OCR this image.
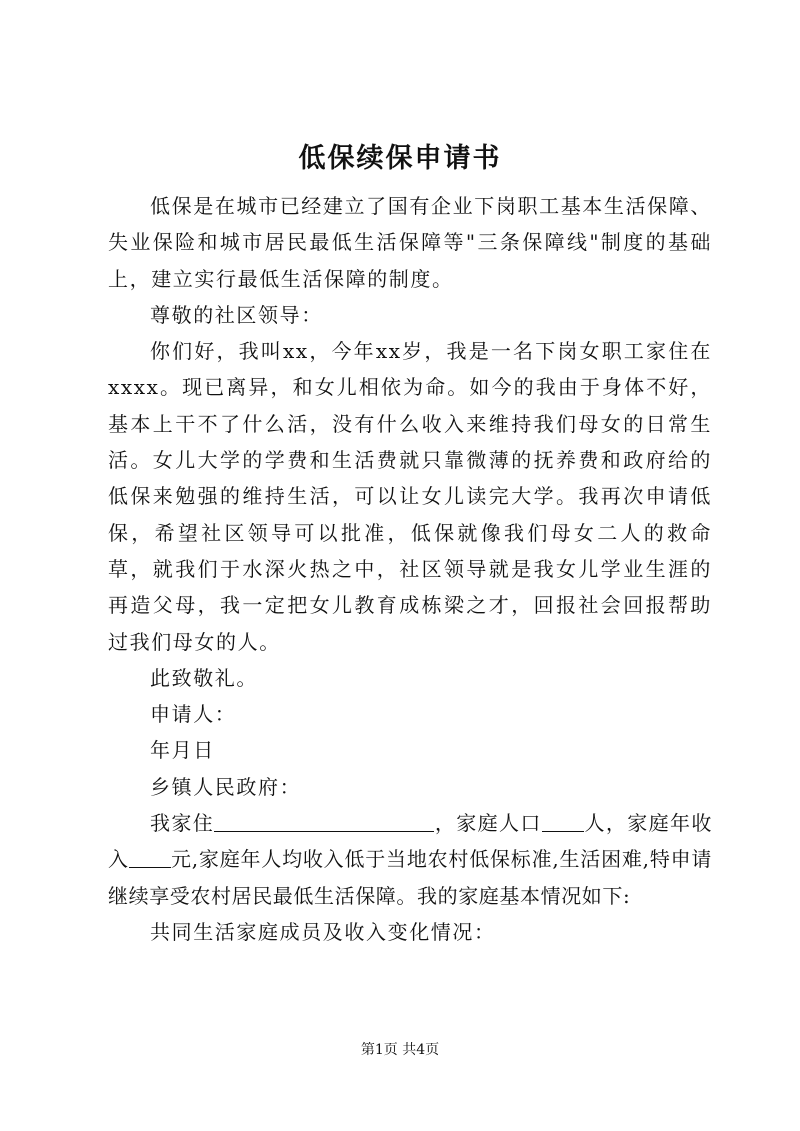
低保续保申请书

低保是在城市已经建立了国有企业下岗职工基本生活保障、失业保险和城市居民最低生活保障等"三条保障线"制度的基础上，建立实行最低生活保障的制度。

尊敬的社区领导：

你们好，我叫xx，今年xx岁，我是一名下岗女职工家住在xxxx。现已离异，和女儿相依为命。如今的我由于身体不好，基本上干不了什么活，没有什么收入来维持我们母女的日常生活。女儿大学的学费和生活费就只靠微薄的抚养费和政府给的低保来勉强的维持生活，可以让女儿读完大学。我再次申请低保，希望社区领导可以批准，低保就像我们母女二人的救命草，就我们于水深火热之中，社区领导就是我女儿学业生涯的再造父母，我一定把女儿教育成栋梁之才，回报社会回报帮助过我们母女的人。

此致敬礼。

申请人：

年月日

乡镇人民政府：

我家住	，家庭人口 人，家庭年收入 元,家庭年人均收入低于当地农村低保标准,生活困难,特申请继续享受农村居民最低生活保障。我的家庭基本情况如下:

共同生活家庭成员及收入变化情况：

第1页 共4页
